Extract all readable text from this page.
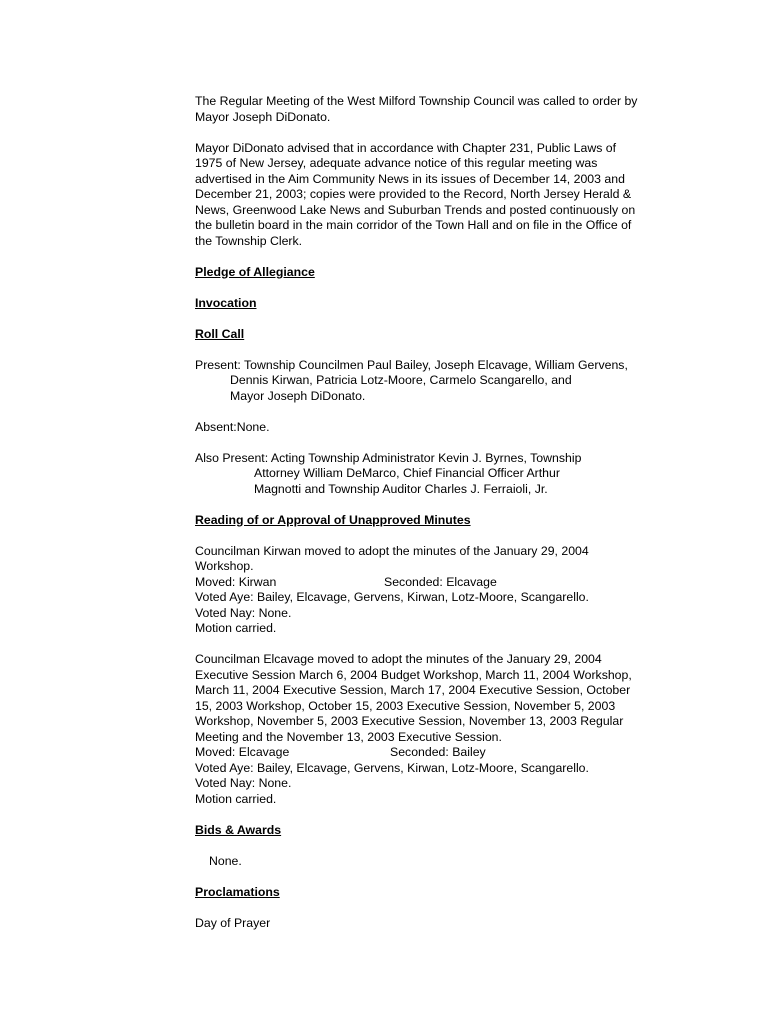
The Regular Meeting of the West Milford Township Council was called to order by

Mayor Joseph DiDonato.

Mayor DiDonato advised that in accordance with Chapter 231, Public Laws of

1975 of New Jersey, adequate advance notice of this regular meeting was

advertised in the Aim Community News in its issues of December 14, 2003 and

December 21, 2003; copies were provided to the Record, North Jersey Herald &

News, Greenwood Lake News and Suburban Trends and posted continuously on

the bulletin board in the main corridor of the Town Hall and on file in the Office of

the Township Clerk.

Pledge of Allegiance

Invocation

Roll Call

Present: Township Councilmen Paul Bailey, Joseph Elcavage, William Gervens,

Dennis Kirwan, Patricia Lotz-Moore, Carmelo Scangarello, and

Mayor Joseph DiDonato.

Absent:None.

Also Present: Acting Township Administrator Kevin J. Byrnes, Township

Attorney William DeMarco, Chief Financial Officer Arthur

Magnotti and Township Auditor Charles J. Ferraioli, Jr.

Reading of or Approval of Unapproved Minutes

Councilman Kirwan moved to adopt the minutes of the January 29, 2004

Workshop.

Moved: Kirwan	Seconded: Elcavage

Voted Aye: Bailey, Elcavage, Gervens, Kirwan, Lotz-Moore, Scangarello.

Voted Nay: None.

Motion carried.

Councilman Elcavage moved to adopt the minutes of the January 29, 2004

Executive Session March 6, 2004 Budget Workshop, March 11, 2004 Workshop,

March 11, 2004 Executive Session, March 17, 2004 Executive Session, October

15, 2003 Workshop, October 15, 2003 Executive Session, November 5, 2003

Workshop, November 5, 2003 Executive Session, November 13, 2003 Regular

Meeting and the November 13, 2003 Executive Session.

Moved: Elcavage	Seconded: Bailey

Voted Aye: Bailey, Elcavage, Gervens, Kirwan, Lotz-Moore, Scangarello.

Voted Nay: None.

Motion carried.

Bids & Awards

None.

Proclamations

Day of Prayer
